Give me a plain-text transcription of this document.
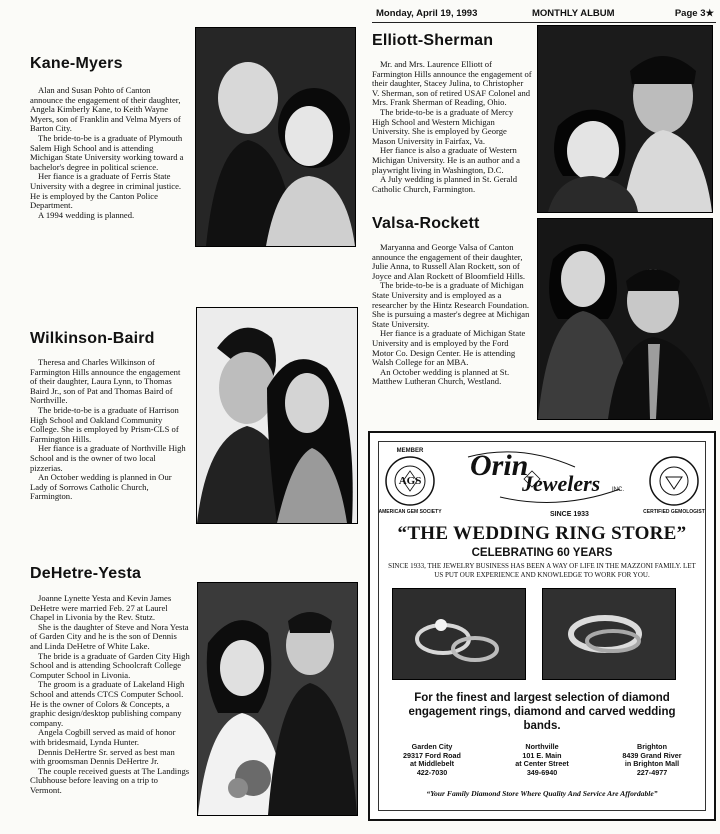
Monday, April 19, 1993	MONTHLY ALBUM	Page 3★
Kane-Myers

Alan and Susan Pohto of Canton announce the engagement of their daughter, Angela Kimberly Kane, to Keith Wayne Myers, son of Franklin and Velma Myers of Barton City.

The bride-to-be is a graduate of Plymouth Salem High School and is attending Michigan State University working toward a bachelor's degree in political science.

Her fiance is a graduate of Ferris State University with a degree in criminal justice. He is employed by the Canton Police Department.

A 1994 wedding is planned.

Wilkinson-Baird

Theresa and Charles Wilkinson of Farmington Hills announce the engagement of their daughter, Laura Lynn, to Thomas Baird Jr., son of Pat and Thomas Baird of Northville.

The bride-to-be is a graduate of Harrison High School and Oakland Community College. She is employed by Prism-CLS of Farmington Hills.

Her fiance is a graduate of Northville High School and is the owner of two local pizzerias.

An October wedding is planned in Our Lady of Sorrows Catholic Church, Farmington.

DeHetre-Yesta

Joanne Lynette Yesta and Kevin James DeHetre were married Feb. 27 at Laurel Chapel in Livonia by the Rev. Stutz.

She is the daughter of Steve and Nora Yesta of Garden City and he is the son of Dennis and Linda DeHetre of White Lake.

The bride is a graduate of Garden City High School and is attending Schoolcraft College Computer School in Livonia.

The groom is a graduate of Lakeland High School and attends CTCS Computer School. He is the owner of Colors & Concepts, a graphic design/desktop publishing company company.

Angela Cogbill served as maid of honor with bridesmaid, Lynda Hunter.

Dennis DeHertre Sr. served as best man with groomsman Dennis DeHertre Jr.

The couple received guests at The Landings Clubhouse before leaving on a trip to Vermont.

Elliott-Sherman

Mr. and Mrs. Laurence Elliott of Farmington Hills announce the engagement of their daughter, Stacey Julina, to Christopher V. Sherman, son of retired USAF Colonel and Mrs. Frank Sherman of Reading, Ohio.

The bride-to-be is a graduate of Mercy High School and Western Michigan University. She is employed by George Mason University in Fairfax, Va.

Her fiance is also a graduate of Western Michigan University. He is an author and a playwright living in Washington, D.C.

A July wedding is planned in St. Gerald Catholic Church, Farmington.

Valsa-Rockett

Maryanna and George Valsa of Canton announce the engagement of their daughter, Julie Anna, to Russell Alan Rockett, son of Joyce and Alan Rockett of Bloomfield Hills.

The bride-to-be is a graduate of Michigan State University and is employed as a researcher by the Hintz Research Foundation. She is pursuing a master's degree at Michigan State University.

Her fiance is a graduate of Michigan State University and is employed by the Ford Motor Co. Design Center. He is attending Walsh College for an MBA.

An October wedding is planned at St. Matthew Lutheran Church, Westland.

MEMBER
AGS
AMERICAN GEM SOCIETY	CERTIFIED GEMOLOGIST
Orin
Jewelers INC.
SINCE 1933
“THE WEDDING RING STORE”
CELEBRATING 60 YEARS
SINCE 1933, THE JEWELRY BUSINESS HAS BEEN A WAY OF LIFE IN THE MAZZONI FAMILY. LET US PUT OUR EXPERIENCE AND KNOWLEDGE TO WORK FOR YOU.
For the finest and largest selection of diamond engagement rings, diamond and carved wedding bands.
Garden City
29317 Ford Road
at Middlebelt
422-7030
Northville
101 E. Main
at Center Street
349-6940
Brighton
8439 Grand River
in Brighton Mall
227-4977
“Your Family Diamond Store Where Quality And Service Are Affordable”
